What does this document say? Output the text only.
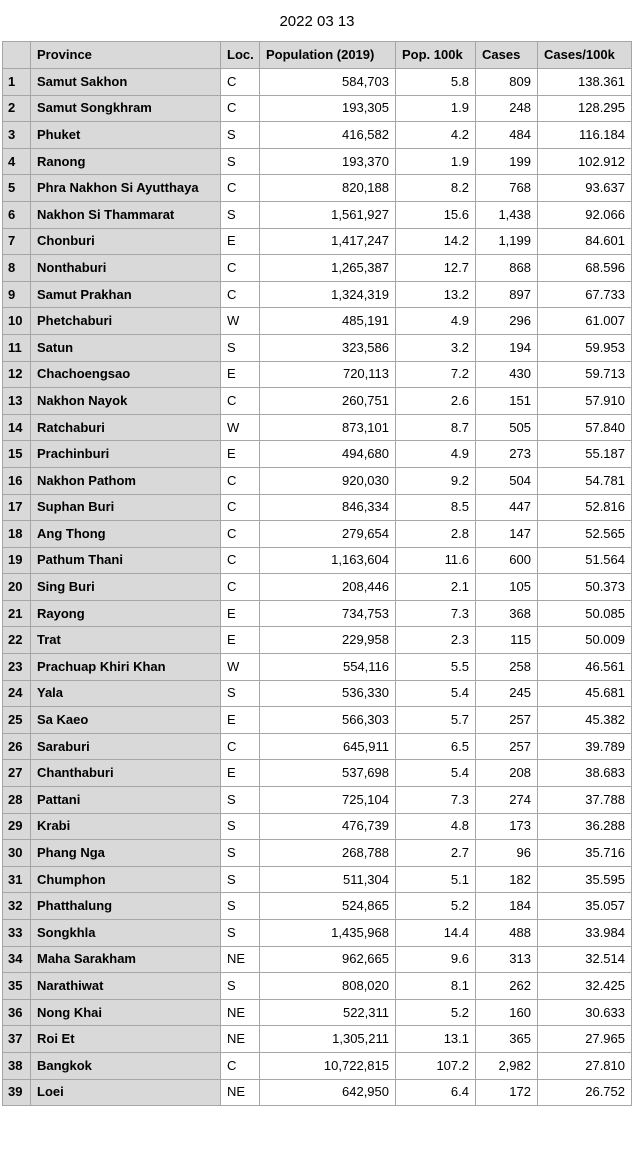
2022 03 13
	Province	Loc.	Population (2019)	Pop. 100k	Cases	Cases/100k
1	Samut Sakhon	C	584,703	5.8	809	138.361
2	Samut Songkhram	C	193,305	1.9	248	128.295
3	Phuket	S	416,582	4.2	484	116.184
4	Ranong	S	193,370	1.9	199	102.912
5	Phra Nakhon Si Ayutthaya	C	820,188	8.2	768	93.637
6	Nakhon Si Thammarat	S	1,561,927	15.6	1,438	92.066
7	Chonburi	E	1,417,247	14.2	1,199	84.601
8	Nonthaburi	C	1,265,387	12.7	868	68.596
9	Samut Prakhan	C	1,324,319	13.2	897	67.733
10	Phetchaburi	W	485,191	4.9	296	61.007
11	Satun	S	323,586	3.2	194	59.953
12	Chachoengsao	E	720,113	7.2	430	59.713
13	Nakhon Nayok	C	260,751	2.6	151	57.910
14	Ratchaburi	W	873,101	8.7	505	57.840
15	Prachinburi	E	494,680	4.9	273	55.187
16	Nakhon Pathom	C	920,030	9.2	504	54.781
17	Suphan Buri	C	846,334	8.5	447	52.816
18	Ang Thong	C	279,654	2.8	147	52.565
19	Pathum Thani	C	1,163,604	11.6	600	51.564
20	Sing Buri	C	208,446	2.1	105	50.373
21	Rayong	E	734,753	7.3	368	50.085
22	Trat	E	229,958	2.3	115	50.009
23	Prachuap Khiri Khan	W	554,116	5.5	258	46.561
24	Yala	S	536,330	5.4	245	45.681
25	Sa Kaeo	E	566,303	5.7	257	45.382
26	Saraburi	C	645,911	6.5	257	39.789
27	Chanthaburi	E	537,698	5.4	208	38.683
28	Pattani	S	725,104	7.3	274	37.788
29	Krabi	S	476,739	4.8	173	36.288
30	Phang Nga	S	268,788	2.7	96	35.716
31	Chumphon	S	511,304	5.1	182	35.595
32	Phatthalung	S	524,865	5.2	184	35.057
33	Songkhla	S	1,435,968	14.4	488	33.984
34	Maha Sarakham	NE	962,665	9.6	313	32.514
35	Narathiwat	S	808,020	8.1	262	32.425
36	Nong Khai	NE	522,311	5.2	160	30.633
37	Roi Et	NE	1,305,211	13.1	365	27.965
38	Bangkok	C	10,722,815	107.2	2,982	27.810
39	Loei	NE	642,950	6.4	172	26.752
